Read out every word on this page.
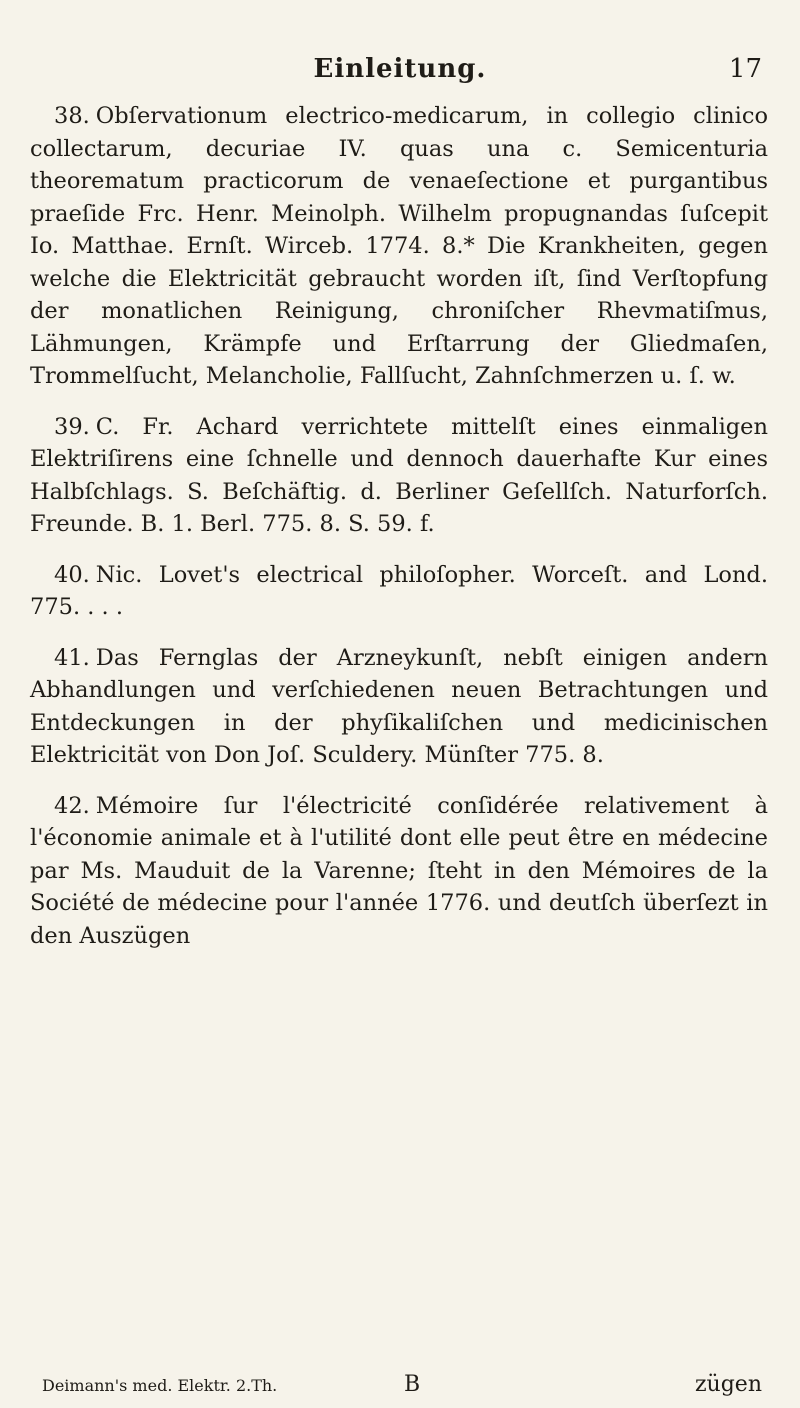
Einleitung.	17

38. Obſervationum electrico-medicarum, in collegio clinico collectarum, decuriae IV. quas una c. Semicenturia theorematum practicorum de venaeſectione et purgantibus praeſide Frc. Henr. Meinolph. Wilhelm propugnandas ſuſcepit Io. Matthae. Ernſt. Wirceb. 1774. 8.* Die Krankheiten, gegen welche die Elektricität gebraucht worden iſt, ſind Verſtopfung der monatlichen Reinigung, chroniſcher Rhevmatiſmus, Lähmungen, Krämpfe und Erſtarrung der Gliedmaſen, Trommelſucht, Melancholie, Fallſucht, Zahnſchmerzen u. ſ. w.

39. C. Fr. Achard verrichtete mittelſt eines einmaligen Elektriſirens eine ſchnelle und dennoch dauerhafte Kur eines Halbſchlags. S. Beſchäftig. d. Berliner Geſellſch. Naturforſch. Freunde. B. 1. Berl. 775. 8. S. 59. f.

40. Nic. Lovet's electrical philoſopher. Worceſt. and Lond. 775. . . .

41. Das Fernglas der Arzneykunſt, nebſt einigen andern Abhandlungen und verſchiedenen neuen Betrachtungen und Entdeckungen in der phyſikaliſchen und medicinischen Elektricität von Don Joſ. Sculdery. Münſter 775. 8.

42. Mémoire ſur l'électricité conſidérée relativement à l'économie animale et à l'utilité dont elle peut être en médecine par Ms. Mauduit de la Varenne; ſteht in den Mémoires de la Société de médecine pour l'année 1776. und deutſch überſezt in den Auszügen

Deimann's med. Elektr. 2.Th.	B	zügen
